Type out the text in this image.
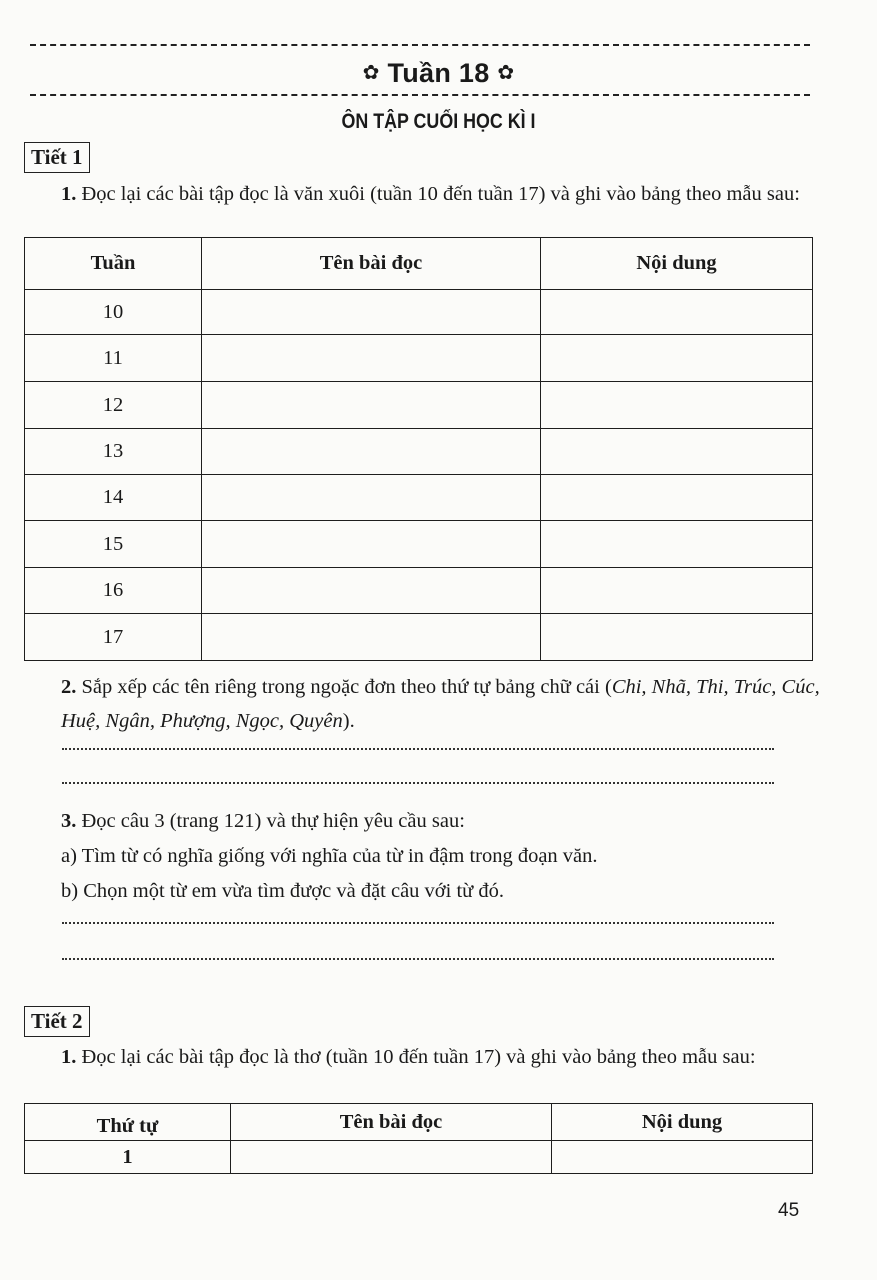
✿ Tuần 18 ✿
ÔN TẬP CUỐI HỌC KÌ I
Tiết 1
1. Đọc lại các bài tập đọc là văn xuôi (tuần 10 đến tuần 17) và ghi vào bảng theo mẫu sau:
Tuần	Tên bài đọc	Nội dung
10		
11		
12		
13		
14		
15		
16		
17		
2. Sắp xếp các tên riêng trong ngoặc đơn theo thứ tự bảng chữ cái (Chi, Nhã, Thi, Trúc, Cúc, Huệ, Ngân, Phượng, Ngọc, Quyên).
3. Đọc câu 3 (trang 121) và thự hiện yêu cầu sau:
a) Tìm từ có nghĩa giống với nghĩa của từ in đậm trong đoạn văn.
b) Chọn một từ em vừa tìm được và đặt câu với từ đó.
Tiết 2
1. Đọc lại các bài tập đọc là thơ (tuần 10 đến tuần 17) và ghi vào bảng theo mẫu sau:
Thứ tự	Tên bài đọc	Nội dung
1		
45
